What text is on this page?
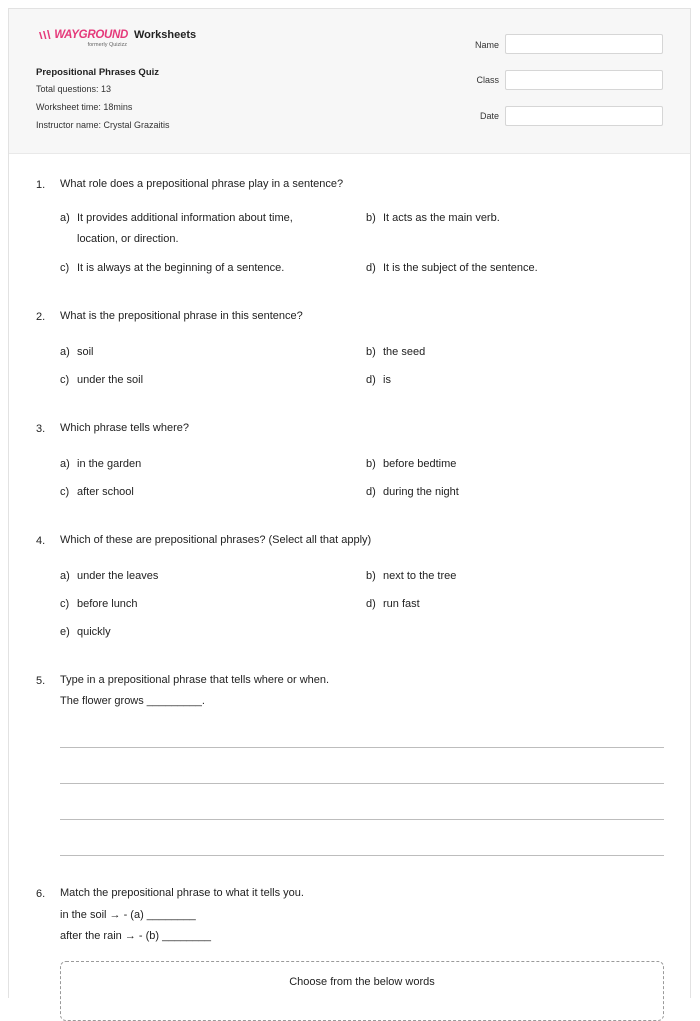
WAYGROUND
formerly Quizizz
Worksheets
Prepositional Phrases Quiz
Total questions: 13
Worksheet time: 18mins
Instructor name: Crystal Grazaitis
Name
Class
Date
1. What role does a prepositional phrase play in a sentence?
a) It provides additional information about time, location, or direction.
b) It acts as the main verb.
c) It is always at the beginning of a sentence.	d) It is the subject of the sentence.
2. What is the prepositional phrase in this sentence?
a) soil	b) the seed
c) under the soil	d) is
3. Which phrase tells where?
a) in the garden	b) before bedtime
c) after school	d) during the night
4. Which of these are prepositional phrases? (Select all that apply)
a) under the leaves	b) next to the tree
c) before lunch	d) run fast
e) quickly
5. Type in a prepositional phrase that tells where or when.
The flower grows _________.
6. Match the prepositional phrase to what it tells you.
in the soil → - (a) ________
after the rain → - (b) ________
Choose from the below words
